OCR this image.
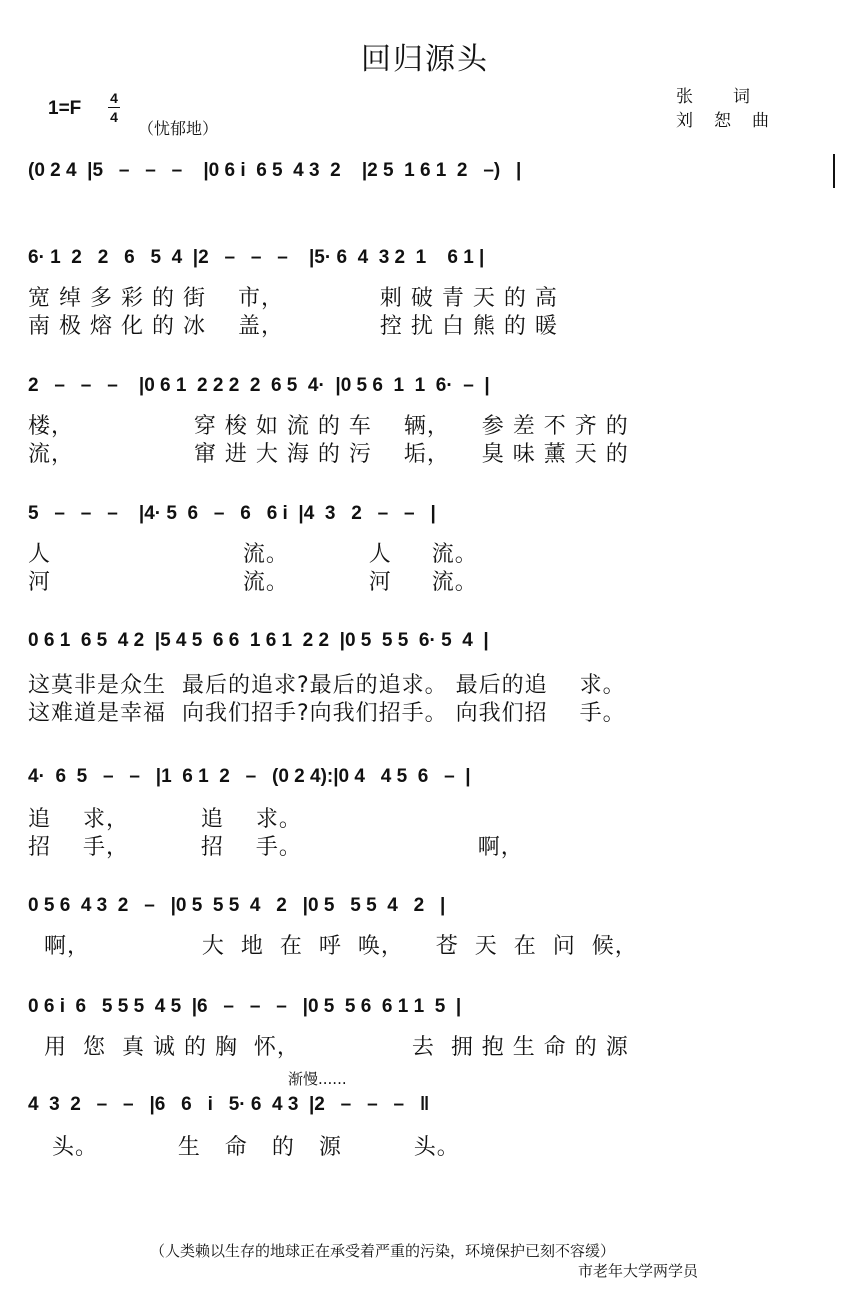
回归源头
1=F 4
4
（忧郁地）
张　　词
刘　恕　曲
(0 2 4  |5   –   –   –    |0 6 i  6 5  4 3  2    |2 5  1 6 1  2   –)   |
6· 1  2   2   6   5  4  |2   –   –   –    |5· 6  4  3 2  1    6 1 |
宽 绰 多 彩 的 街    市，            刺 破 青 天 的 高
南 极 熔 化 的 冰    盖，            控 扰 白 熊 的 暖
2   –   –   –    |0 6 1  2 2 2  2  6 5  4·  |0 5 6  1  1  6·  –  |
楼，               穿 梭 如 流 的 车    辆，    参 差 不 齐 的
流，               窜 进 大 海 的 污    垢，    臭 味 薰 天 的
5   –   –   –    |4· 5  6   –   6   6 i  |4  3   2   –   –   |
人                        流。          人     流。
河                        流。          河     流。
0 6 1  6 5  4 2  |5 4 5  6 6  1 6 1  2 2  |0 5  5 5  6· 5  4  |
这莫非是众生  最后的追求?最后的追求。 最后的追    求。
这难道是幸福  向我们招手?向我们招手。 向我们招    手。
4·  6  5   –   –   |1  6 1  2   –   (0 2 4):|0 4   4 5  6   –  |
追    求，         追    求。
招    手，         招    手。                      啊，
0 5 6  4 3  2   –   |0 5  5 5  4   2   |0 5   5 5  4   2   |
啊，              大  地  在  呼  唤，    苍  天  在  问  候，
0 6 i  6   5 5 5  4 5  |6   –   –   –   |0 5  5 6  6 1 1  5  |
用  您  真 诚 的 胸  怀，              去  拥 抱 生 命 的 源
渐慢......
4  3  2   –   –   |6   6   i   5· 6  4 3  |2   –   –   –   ‖
头。          生   命   的   源         头。
（人类赖以生存的地球正在承受着严重的污染，环境保护已刻不容缓）
市老年大学两学员
